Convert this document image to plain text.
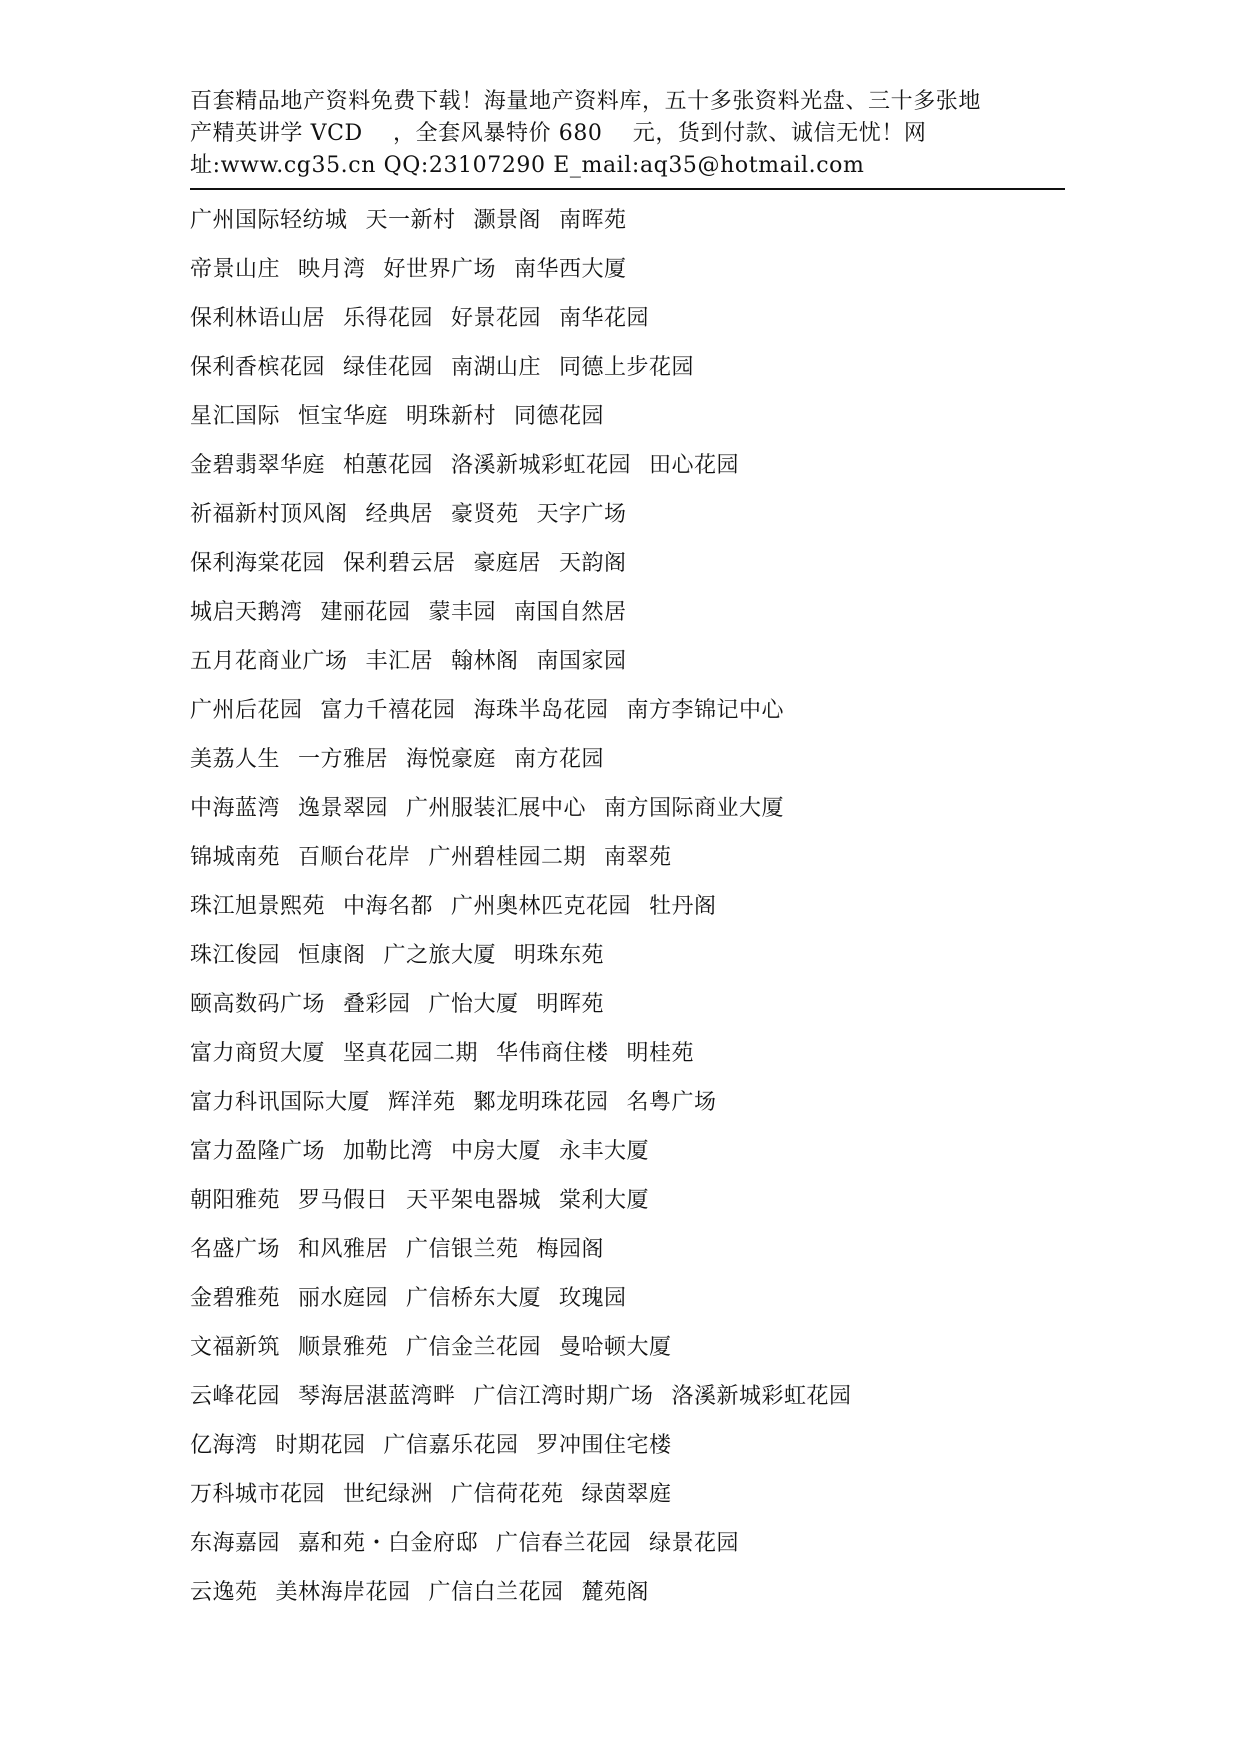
百套精品地产资料免费下载！海量地产资料库，五十多张资料光盘、三十多张地
产精英讲学 VCD　 ，全套风暴特价 680　 元，货到付款、诚信无忧！网
址:www.cg35.cn QQ:23107290 E_mail:aq35@hotmail.com
广州国际轻纺城 天一新村 灏景阁 南晖苑
帝景山庄 映月湾 好世界广场 南华西大厦
保利林语山居 乐得花园 好景花园 南华花园
保利香槟花园 绿佳花园 南湖山庄 同德上步花园
星汇国际 恒宝华庭 明珠新村 同德花园
金碧翡翠华庭 柏蕙花园 洛溪新城彩虹花园 田心花园
祈福新村顶风阁 经典居 豪贤苑 天字广场
保利海棠花园 保利碧云居 豪庭居 天韵阁
城启天鹅湾 建丽花园 蒙丰园 南国自然居
五月花商业广场 丰汇居 翰林阁 南国家园
广州后花园 富力千禧花园 海珠半岛花园 南方李锦记中心
美荔人生 一方雅居 海悦豪庭 南方花园
中海蓝湾 逸景翠园 广州服装汇展中心 南方国际商业大厦
锦城南苑 百顺台花岸 广州碧桂园二期 南翠苑
珠江旭景熙苑 中海名都 广州奥林匹克花园 牡丹阁
珠江俊园 恒康阁 广之旅大厦 明珠东苑
颐高数码广场 叠彩园 广怡大厦 明晖苑
富力商贸大厦 坚真花园二期 华伟商住楼 明桂苑
富力科讯国际大厦 辉洋苑 鄹龙明珠花园 名粤广场
富力盈隆广场 加勒比湾 中房大厦 永丰大厦
朝阳雅苑 罗马假日 天平架电器城 棠利大厦
名盛广场 和风雅居 广信银兰苑 梅园阁
金碧雅苑 丽水庭园 广信桥东大厦 玫瑰园
文福新筑 顺景雅苑 广信金兰花园 曼哈顿大厦
云峰花园 琴海居湛蓝湾畔 广信江湾时期广场 洛溪新城彩虹花园
亿海湾 时期花园 广信嘉乐花园 罗冲围住宅楼
万科城市花园 世纪绿洲 广信荷花苑 绿茵翠庭
东海嘉园 嘉和苑・白金府邸 广信春兰花园 绿景花园
云逸苑 美林海岸花园 广信白兰花园 麓苑阁
